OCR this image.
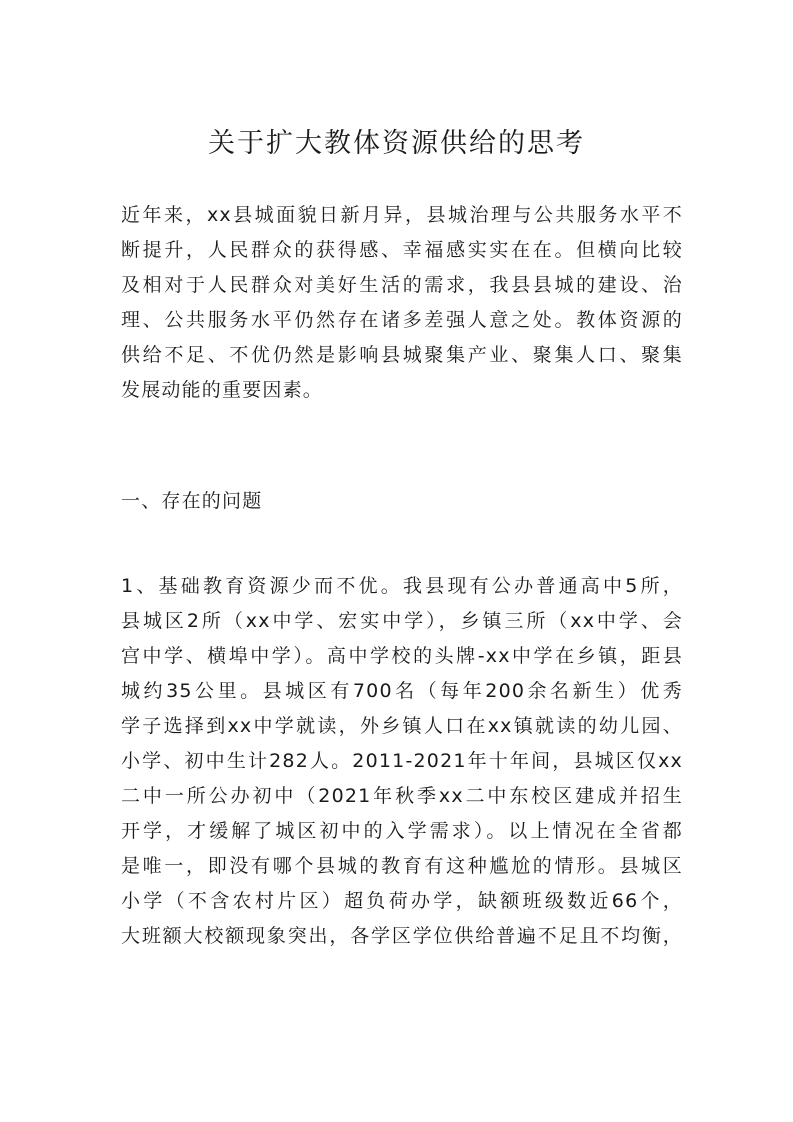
关于扩大教体资源供给的思考
近年来，xx县城面貌日新月异，县城治理与公共服务水平不
断提升，人民群众的获得感、幸福感实实在在。但横向比较
及相对于人民群众对美好生活的需求，我县县城的建设、治
理、公共服务水平仍然存在诸多差强人意之处。教体资源的
供给不足、不优仍然是影响县城聚集产业、聚集人口、聚集
发展动能的重要因素。

一、存在的问题

1、基础教育资源少而不优。我县现有公办普通高中5所，
县城区2所（xx中学、宏实中学），乡镇三所（xx中学、会
宫中学、横埠中学）。高中学校的头牌-xx中学在乡镇，距县
城约35公里。县城区有700名（每年200余名新生）优秀
学子选择到xx中学就读，外乡镇人口在xx镇就读的幼儿园、
小学、初中生计282人。2011-2021年十年间，县城区仅xx
二中一所公办初中（2021年秋季xx二中东校区建成并招生
开学，才缓解了城区初中的入学需求）。以上情况在全省都
是唯一，即没有哪个县城的教育有这种尴尬的情形。县城区
小学（不含农村片区）超负荷办学，缺额班级数近66个，
大班额大校额现象突出，各学区学位供给普遍不足且不均衡，
